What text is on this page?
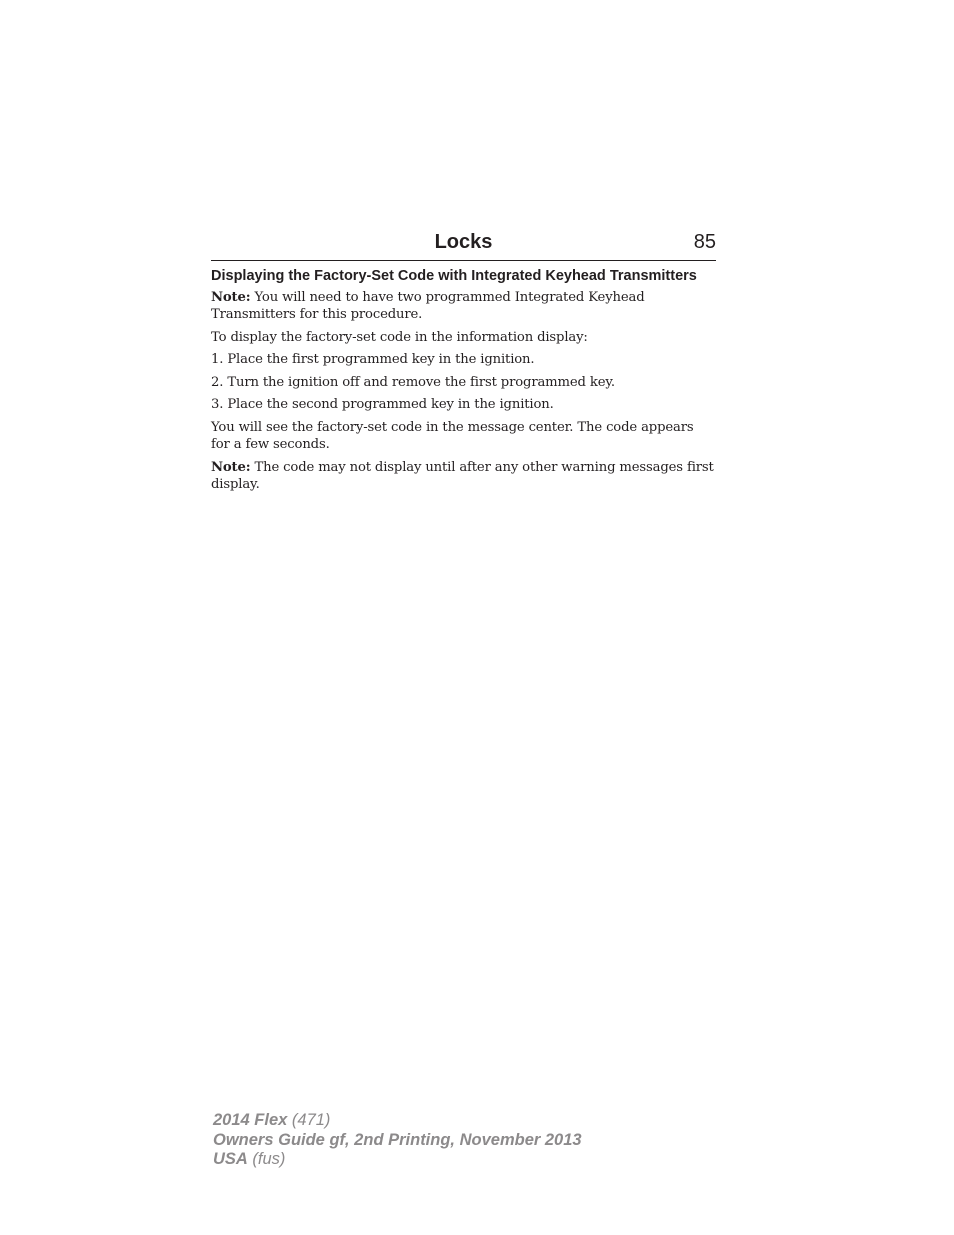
Locks	85
Displaying the Factory-Set Code with Integrated Keyhead Transmitters

Note: You will need to have two programmed Integrated Keyhead Transmitters for this procedure.

To display the factory-set code in the information display:

1. Place the first programmed key in the ignition.

2. Turn the ignition off and remove the first programmed key.

3. Place the second programmed key in the ignition.

You will see the factory-set code in the message center. The code appears for a few seconds.

Note: The code may not display until after any other warning messages first display.

2014 Flex (471)
Owners Guide gf, 2nd Printing, November 2013
USA (fus)
